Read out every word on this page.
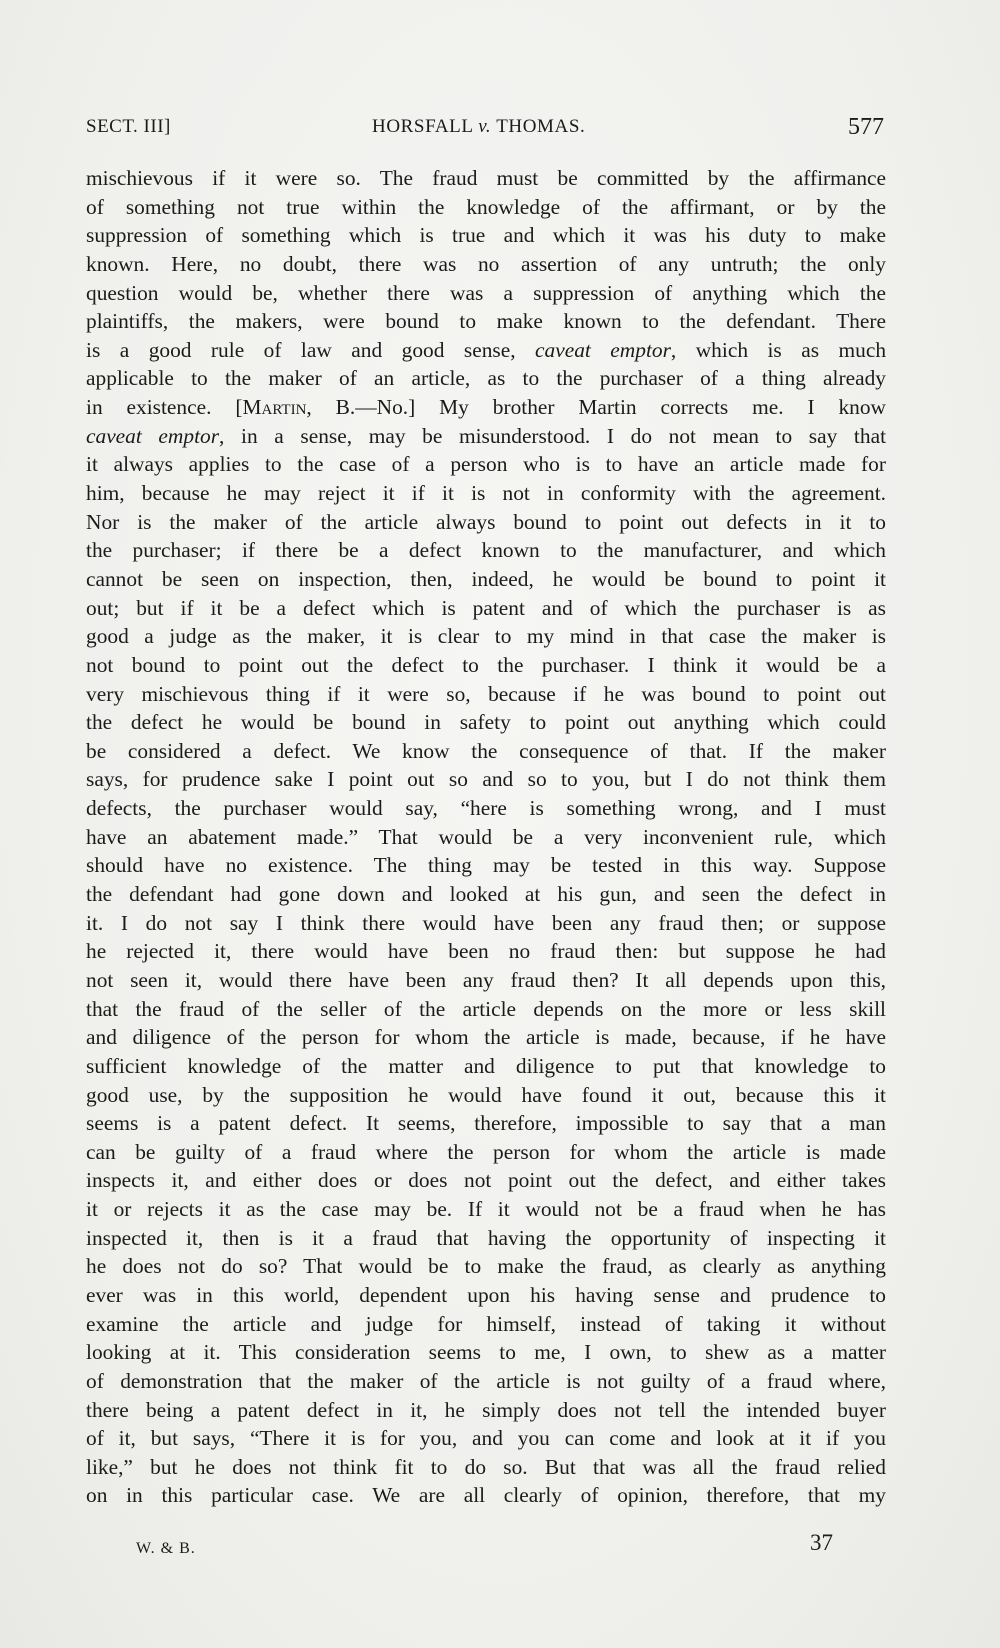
SECT. III]	HORSFALL v. THOMAS.	577
mischievous if it were so. The fraud must be committed by the affirmance
of something not true within the knowledge of the affirmant, or by the
suppression of something which is true and which it was his duty to make
known. Here, no doubt, there was no assertion of any untruth; the only
question would be, whether there was a suppression of anything which the
plaintiffs, the makers, were bound to make known to the defendant. There
is a good rule of law and good sense, caveat emptor, which is as much
applicable to the maker of an article, as to the purchaser of a thing already
in existence. [Martin, B.—No.] My brother Martin corrects me. I know
caveat emptor, in a sense, may be misunderstood. I do not mean to say that
it always applies to the case of a person who is to have an article made for
him, because he may reject it if it is not in conformity with the agreement.
Nor is the maker of the article always bound to point out defects in it to
the purchaser; if there be a defect known to the manufacturer, and which
cannot be seen on inspection, then, indeed, he would be bound to point it
out; but if it be a defect which is patent and of which the purchaser is as
good a judge as the maker, it is clear to my mind in that case the maker is
not bound to point out the defect to the purchaser. I think it would be a
very mischievous thing if it were so, because if he was bound to point out
the defect he would be bound in safety to point out anything which could
be considered a defect. We know the consequence of that. If the maker
says, for prudence sake I point out so and so to you, but I do not think them
defects, the purchaser would say, “here is something wrong, and I must
have an abatement made.” That would be a very inconvenient rule, which
should have no existence. The thing may be tested in this way. Suppose
the defendant had gone down and looked at his gun, and seen the defect in
it. I do not say I think there would have been any fraud then; or suppose
he rejected it, there would have been no fraud then: but suppose he had
not seen it, would there have been any fraud then? It all depends upon this,
that the fraud of the seller of the article depends on the more or less skill
and diligence of the person for whom the article is made, because, if he have
sufficient knowledge of the matter and diligence to put that knowledge to
good use, by the supposition he would have found it out, because this it
seems is a patent defect. It seems, therefore, impossible to say that a man
can be guilty of a fraud where the person for whom the article is made
inspects it, and either does or does not point out the defect, and either takes
it or rejects it as the case may be. If it would not be a fraud when he has
inspected it, then is it a fraud that having the opportunity of inspecting it
he does not do so? That would be to make the fraud, as clearly as anything
ever was in this world, dependent upon his having sense and prudence to
examine the article and judge for himself, instead of taking it without
looking at it. This consideration seems to me, I own, to shew as a matter
of demonstration that the maker of the article is not guilty of a fraud where,
there being a patent defect in it, he simply does not tell the intended buyer
of it, but says, “There it is for you, and you can come and look at it if you
like,” but he does not think fit to do so. But that was all the fraud relied
on in this particular case. We are all clearly of opinion, therefore, that my
W. & B.	37
